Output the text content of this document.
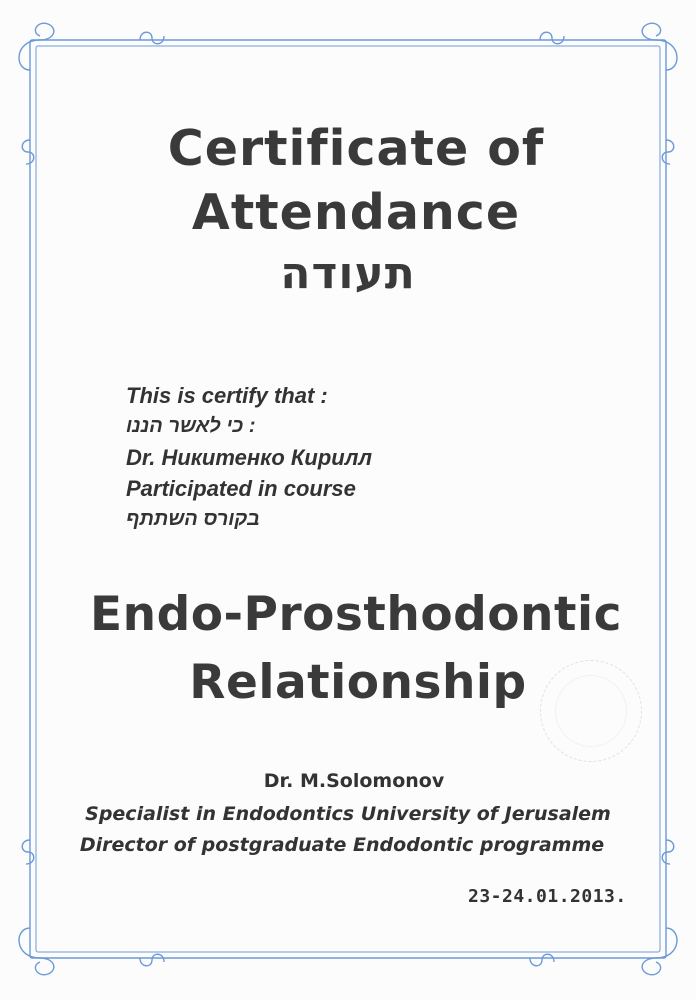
Certificate of
Attendance
תעודה
This is certify that :
: כי לאשר הננו
Dr. Никитенко Кирилл
Participated in course
בקורס השתתף
Endo-Prosthodontic
Relationship
Dr. M.Solomonov
Specialist in Endodontics University of Jerusalem
Director of postgraduate Endodontic programme
23-24.01.2013.
